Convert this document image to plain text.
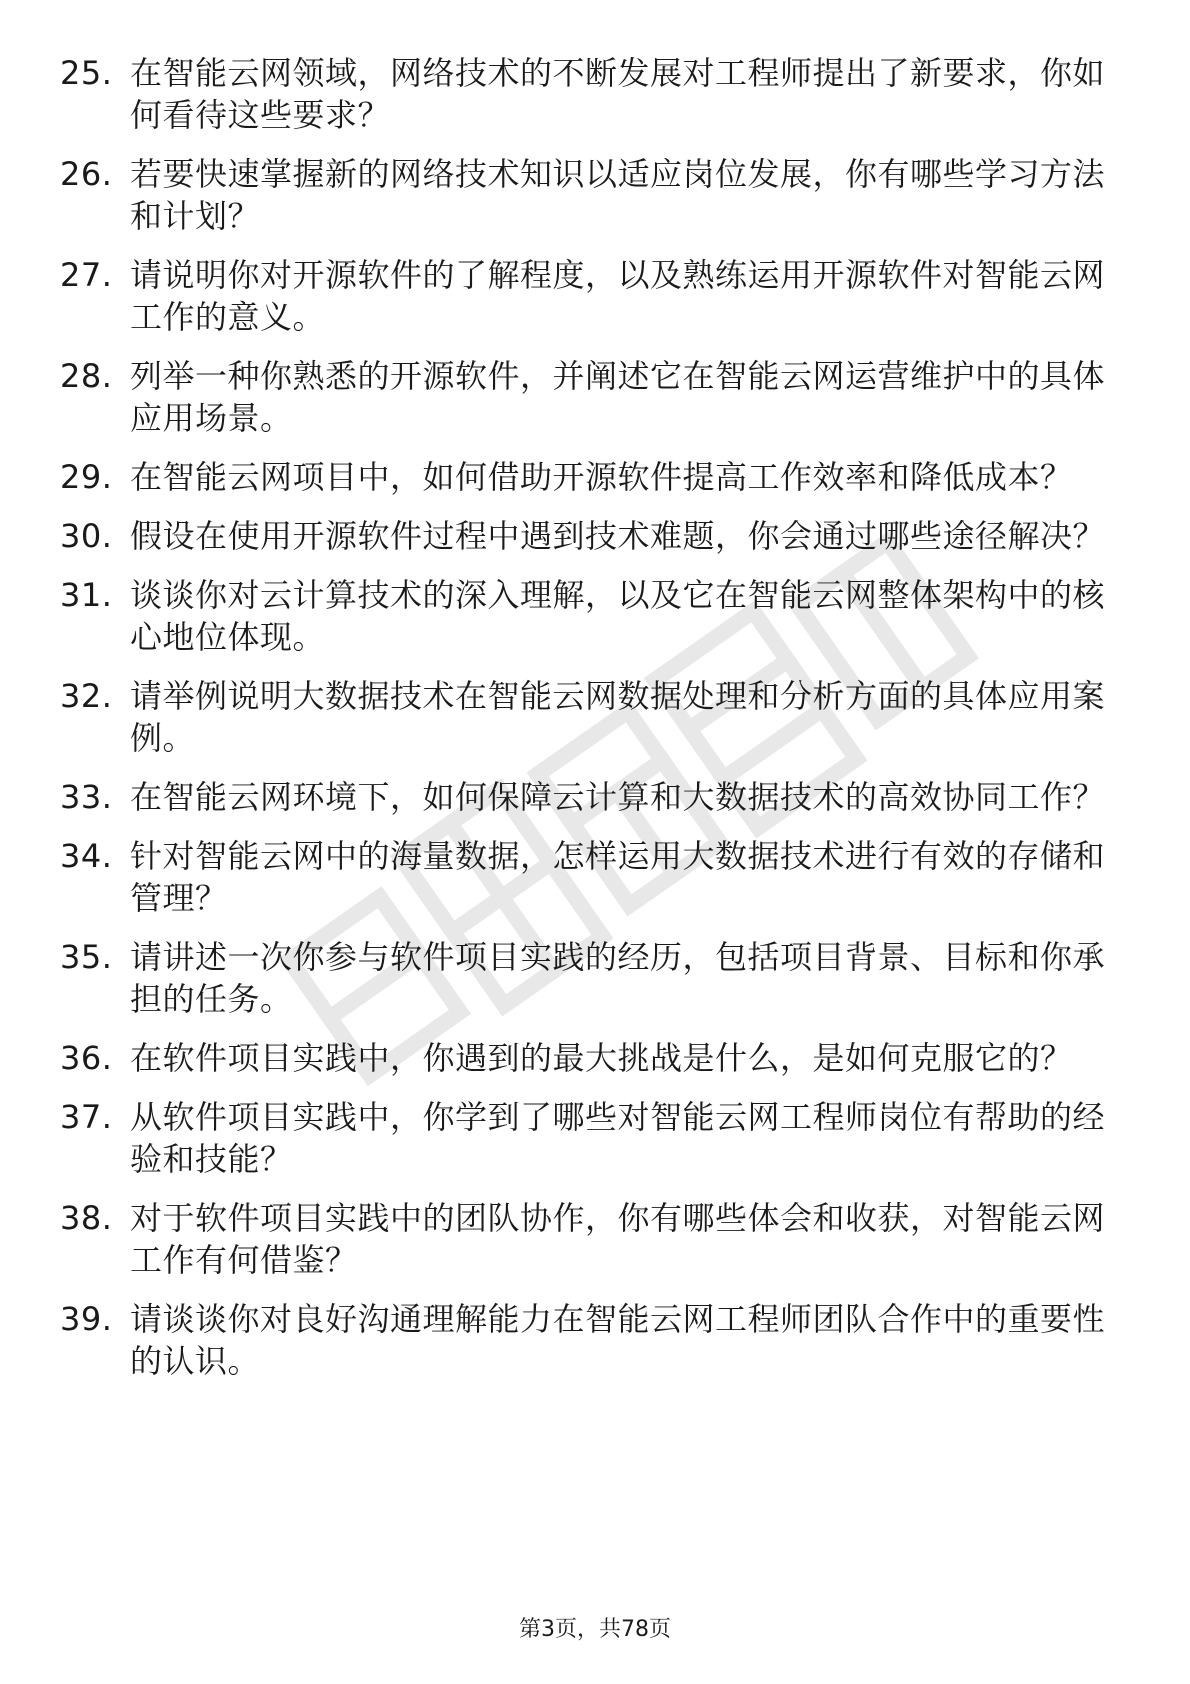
25. 在智能云网领域，网络技术的不断发展对工程师提出了新要求，你如何看待这些要求？
26. 若要快速掌握新的网络技术知识以适应岗位发展，你有哪些学习方法和计划？
27. 请说明你对开源软件的了解程度，以及熟练运用开源软件对智能云网工作的意义。
28. 列举一种你熟悉的开源软件，并阐述它在智能云网运营维护中的具体应用场景。
29. 在智能云网项目中，如何借助开源软件提高工作效率和降低成本？
30. 假设在使用开源软件过程中遇到技术难题，你会通过哪些途径解决？
31. 谈谈你对云计算技术的深入理解，以及它在智能云网整体架构中的核心地位体现。
32. 请举例说明大数据技术在智能云网数据处理和分析方面的具体应用案例。
33. 在智能云网环境下，如何保障云计算和大数据技术的高效协同工作？
34. 针对智能云网中的海量数据，怎样运用大数据技术进行有效的存储和管理？
35. 请讲述一次你参与软件项目实践的经历，包括项目背景、目标和你承担的任务。
36. 在软件项目实践中，你遇到的最大挑战是什么，是如何克服它的？
37. 从软件项目实践中，你学到了哪些对智能云网工程师岗位有帮助的经验和技能？
38. 对于软件项目实践中的团队协作，你有哪些体会和收获，对智能云网工作有何借鉴？
39. 请谈谈你对良好沟通理解能力在智能云网工程师团队合作中的重要性的认识。
第3页，共78页
